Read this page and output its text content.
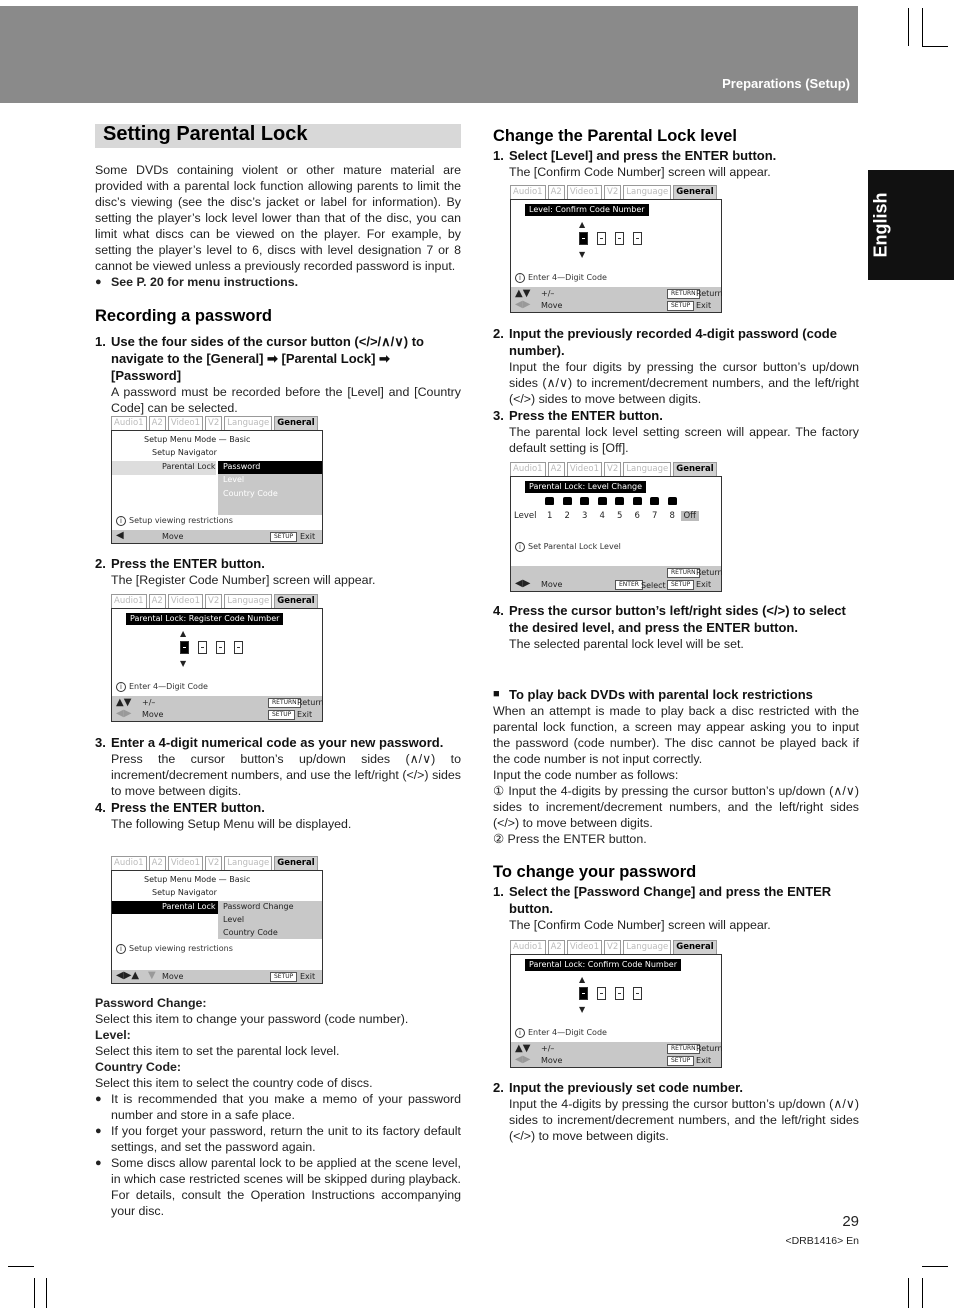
Preparations (Setup)
English
Setting Parental Lock

Some DVDs containing violent or other mature material are provided with a parental lock function allowing parents to limit the disc’s viewing (see the disc’s jacket or label for information). By setting the player’s lock level lower than that of the disc, you can limit what discs can be viewed on the player. For example, by setting the player’s level to 6, discs with level designation 7 or 8 cannot be viewed unless a previously recorded password is input.

● See P. 20 for menu instructions.
Recording a password
1. Use the four sides of the cursor button (</>/∧/∨) to navigate to the [General] ➡ [Parental Lock] ➡ [Password]

A password must be recorded before the [Level] and [Country Code] can be selected.

Audio1 A2 Video1 V2 Language General
Setup Menu Mode — Basic
Setup Navigator
Parental Lock Password
Level
Country Code
i Setup viewing restrictions
◀	Move	SETUP Exit
2. Press the ENTER button.

The [Register Code Number] screen will appear.

Audio1 A2 Video1 V2 Language General
Parental Lock: Register Code Number
▲
▼
i Enter 4—Digit Code
▲▼ +/–
◀▶ Move
RETURN Return
SETUP Exit
3. Enter a 4-digit numerical code as your new password.

Press the cursor button’s up/down sides (∧/∨) to increment/decrement numbers, and use the left/right (</>) sides to move between digits.

4. Press the ENTER button.

The following Setup Menu will be displayed.

Audio1 A2 Video1 V2 Language General
Setup Menu Mode — Basic
Setup Navigator
Parental Lock Password Change
Level
Country Code
i Setup viewing restrictions
◀▶▲ ▼ Move	SETUP Exit
Password Change:
Select this item to change your password (code number).
Level:
Select this item to set the parental lock level.
Country Code:
Select this item to select the country code of discs.
● It is recommended that you make a memo of your password number and store in a safe place.
● If you forget your password, return the unit to its factory default settings, and set the password again.
● Some discs allow parental lock to be applied at the scene level, in which case restricted scenes will be skipped during playback. For details, consult the Operation Instructions accompanying your disc.
Change the Parental Lock level
1. Select [Level] and press the ENTER button.

The [Confirm Code Number] screen will appear.

Audio1 A2 Video1 V2 Language General
Level: Confirm Code Number
▲
▼
i Enter 4—Digit Code
▲▼ +/–
◀▶ Move
RETURN Return
SETUP Exit
2. Input the previously recorded 4-digit password (code number).

Input the four digits by pressing the cursor button’s up/down sides (∧/∨) to increment/decrement numbers, and the left/right (</>) sides to move between digits.

3. Press the ENTER button.

The parental lock level setting screen will appear. The factory default setting is [Off].

Audio1 A2 Video1 V2 Language General
Parental Lock: Level Change
Level	1	2	3	4	5	6	7	8	Off
i Set Parental Lock Level
◀▶ Move	ENTER Select
RETURN Return
SETUP Exit
4. Press the cursor button’s left/right sides (</>) to select the desired level, and press the ENTER button.

The selected parental lock level will be set.

■ To play back DVDs with parental lock restrictions

When an attempt is made to play back a disc restricted with the parental lock function, a screen may appear asking you to input the password (code number). The disc cannot be played back if the code number is not input correctly.

Input the code number as follows:

① Input the 4-digits by pressing the cursor button’s up/down (∧/∨) sides to increment/decrement numbers, and the left/right sides (</>) to move between digits.

② Press the ENTER button.

To change your password
1. Select the [Password Change] and press the ENTER button.

The [Confirm Code Number] screen will appear.

Audio1 A2 Video1 V2 Language General
Parental Lock: Confirm Code Number
▲
▼
i Enter 4—Digit Code
▲▼ +/–
◀▶ Move
RETURN Return
SETUP Exit
2. Input the previously set code number.

Input the 4-digits by pressing the cursor button’s up/down (∧/∨) sides to increment/decrement numbers, and the left/right sides (</>) to move between digits.

29
<DRB1416> En
